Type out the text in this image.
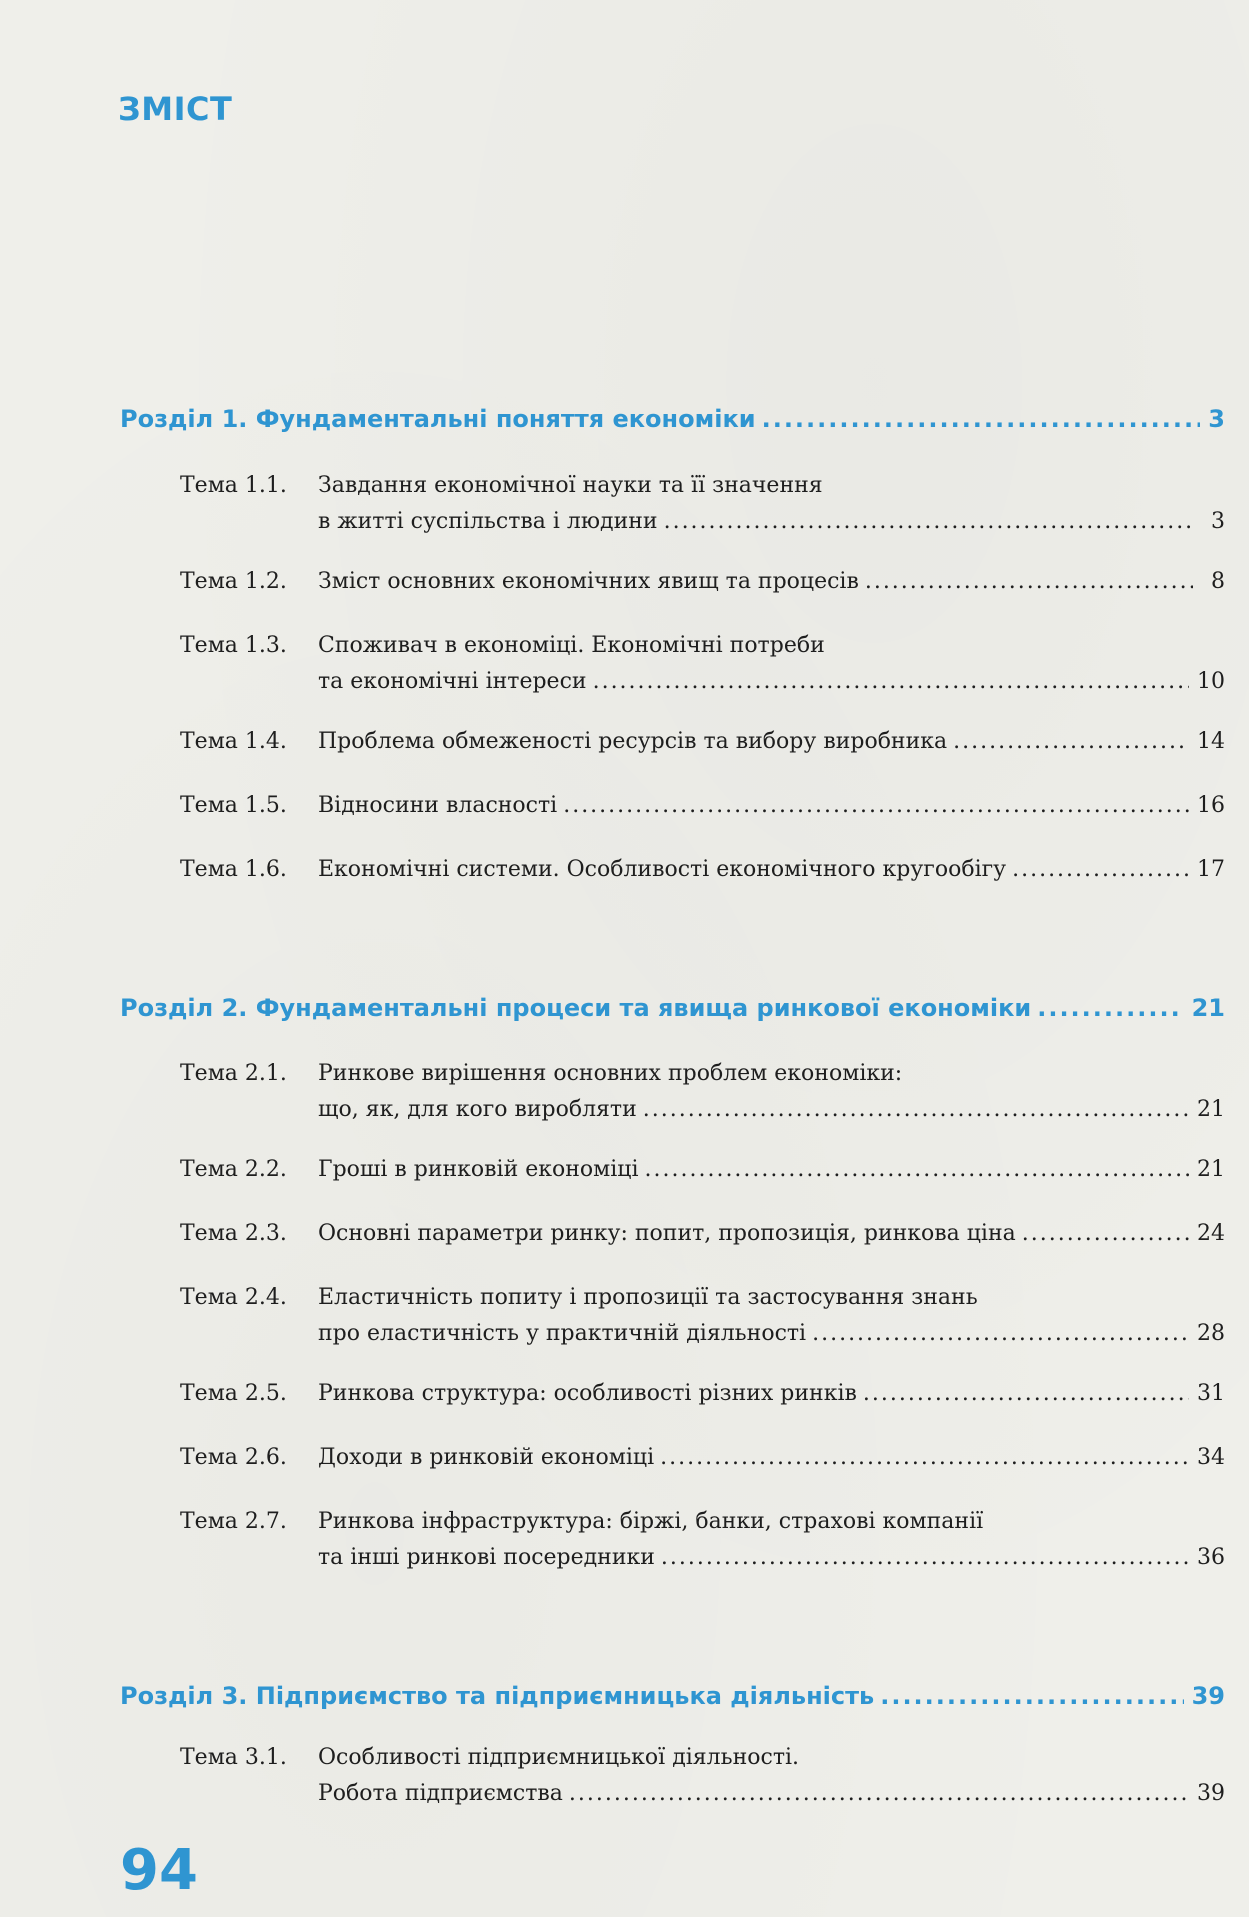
ЗМІСТ
Розділ 1. Фундаментальні поняття економіки .....	3
Тема 1.1.	Завдання економічної науки та її значення
в житті суспільства і людини .....	3
Тема 1.2.	Зміст основних економічних явищ та процесів .....	8
Тема 1.3.	Споживач в економіці. Економічні потреби
та економічні інтереси .....	10
Тема 1.4.	Проблема обмеженості ресурсів та вибору виробника .....	14
Тема 1.5.	Відносини власності .....	16
Тема 1.6.	Економічні системи. Особливості економічного кругообігу .....	17
Розділ 2. Фундаментальні процеси та явища ринкової економіки .....	21
Тема 2.1.	Ринкове вирішення основних проблем економіки:
що, як, для кого виробляти .....	21
Тема 2.2.	Гроші в ринковій економіці .....	21
Тема 2.3.	Основні параметри ринку: попит, пропозиція, ринкова ціна .....	24
Тема 2.4.	Еластичність попиту і пропозиції та застосування знань
про еластичність у практичній діяльності .....	28
Тема 2.5.	Ринкова структура: особливості різних ринків .....	31
Тема 2.6.	Доходи в ринковій економіці .....	34
Тема 2.7.	Ринкова інфраструктура: біржі, банки, страхові компанії
та інші ринкові посередники .....	36
Розділ 3. Підприємство та підприємницька діяльність .....	39
Тема 3.1.	Особливості підприємницької діяльності.
Робота підприємства .....	39
94
